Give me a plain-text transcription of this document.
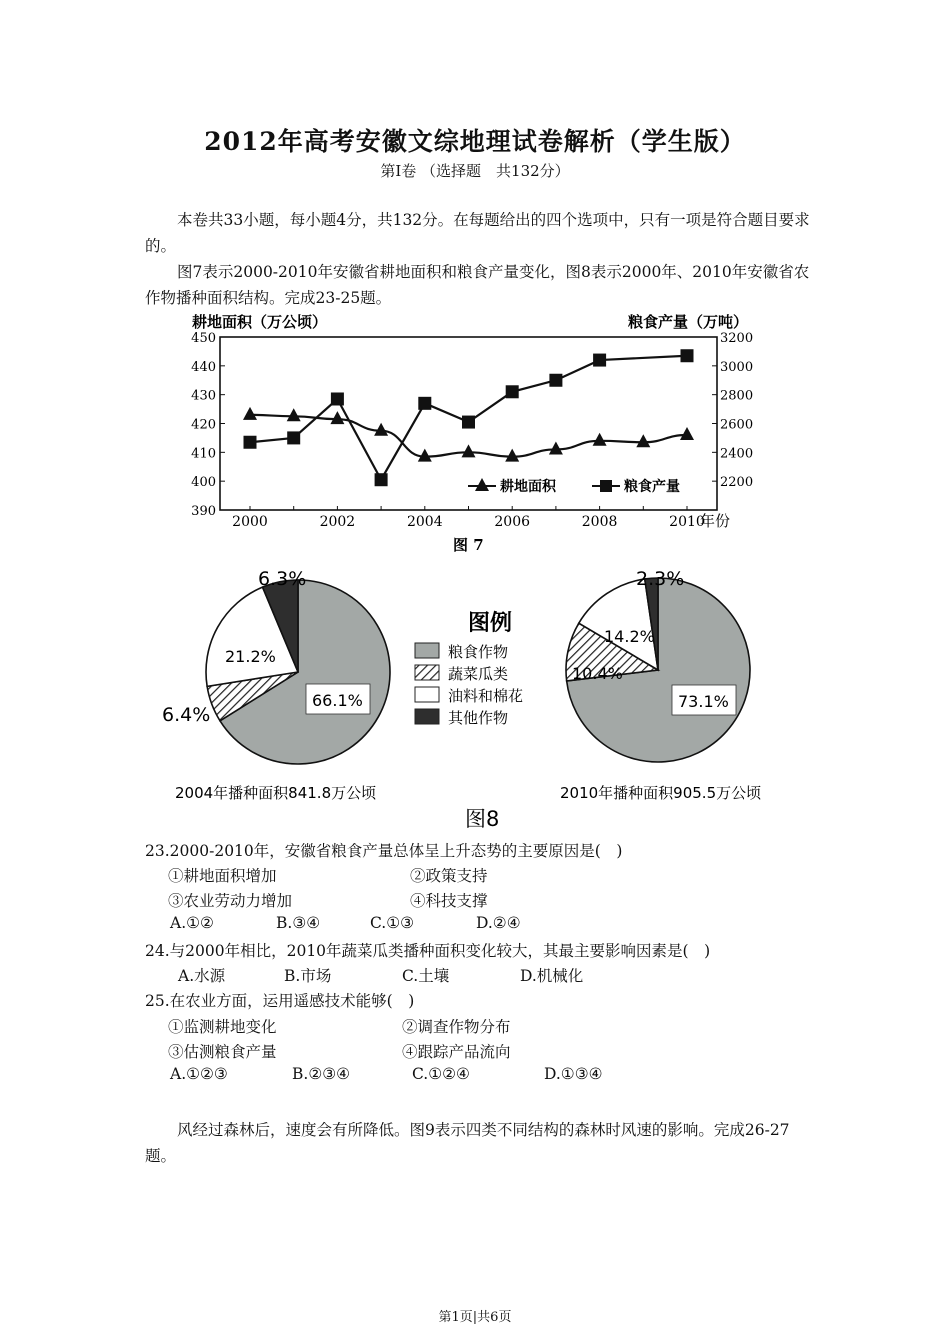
2012年高考安徽文综地理试卷解析（学生版）
第Ⅰ卷 （选择题　共132分）
本卷共33小题，每小题4分，共132分。在每题给出的四个选项中，只有一项是符合题目要求的。
图7表示2000-2010年安徽省耕地面积和粮食产量变化，图8表示2000年、2010年安徽省农作物播种面积结构。完成23-25题。
耕地面积（万公顷）	粮食产量（万吨）
390
400
410
420
430
440
450
2200
2400
2600
2800
3000
3200
2000	2002	2004	2006	2008	2010
耕地面积	粮食产量
年份
图 7
6.3%
21.2%
6.4%
66.1%
2.3%
14.2%
10.4%
73.1%
图例
粮食作物
蔬菜瓜类
油料和棉花
其他作物
2004年播种面积841.8万公顷	2010年播种面积905.5万公顷
图8
23.2000-2010年，安徽省粮食产量总体呈上升态势的主要原因是(　)
①耕地面积增加	②政策支持
③农业劳动力增加	④科技支撑
A.①②	B.③④	C.①③	D.②④
24.与2000年相比，2010年蔬菜瓜类播种面积变化较大，其最主要影响因素是(　)
A.水源	B.市场	C.土壤	D.机械化
25.在农业方面，运用遥感技术能够(　)
①监测耕地变化	②调查作物分布
③估测粮食产量	④跟踪产品流向
A.①②③	B.②③④	C.①②④	D.①③④
风经过森林后，速度会有所降低。图9表示四类不同结构的森林时风速的影响。完成26-27题。
第1页|共6页
